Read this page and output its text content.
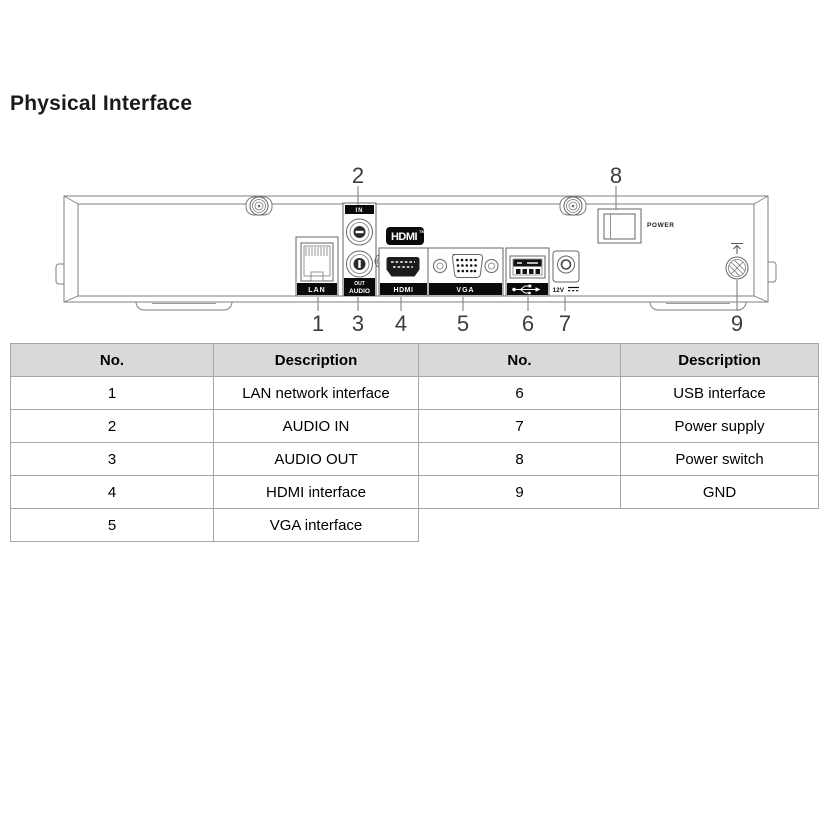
Physical Interface
LAN
IN
OUT
AUDIO
HDMI TM
HDMI	VGA	12V
POWER
2	8
1 3 4 5 6 7	9
No.	Description	No.	Description
1	LAN network interface	6	USB interface
2	AUDIO IN	7	Power supply
3	AUDIO OUT	8	Power switch
4	HDMI interface	9	GND
5	VGA interface		
